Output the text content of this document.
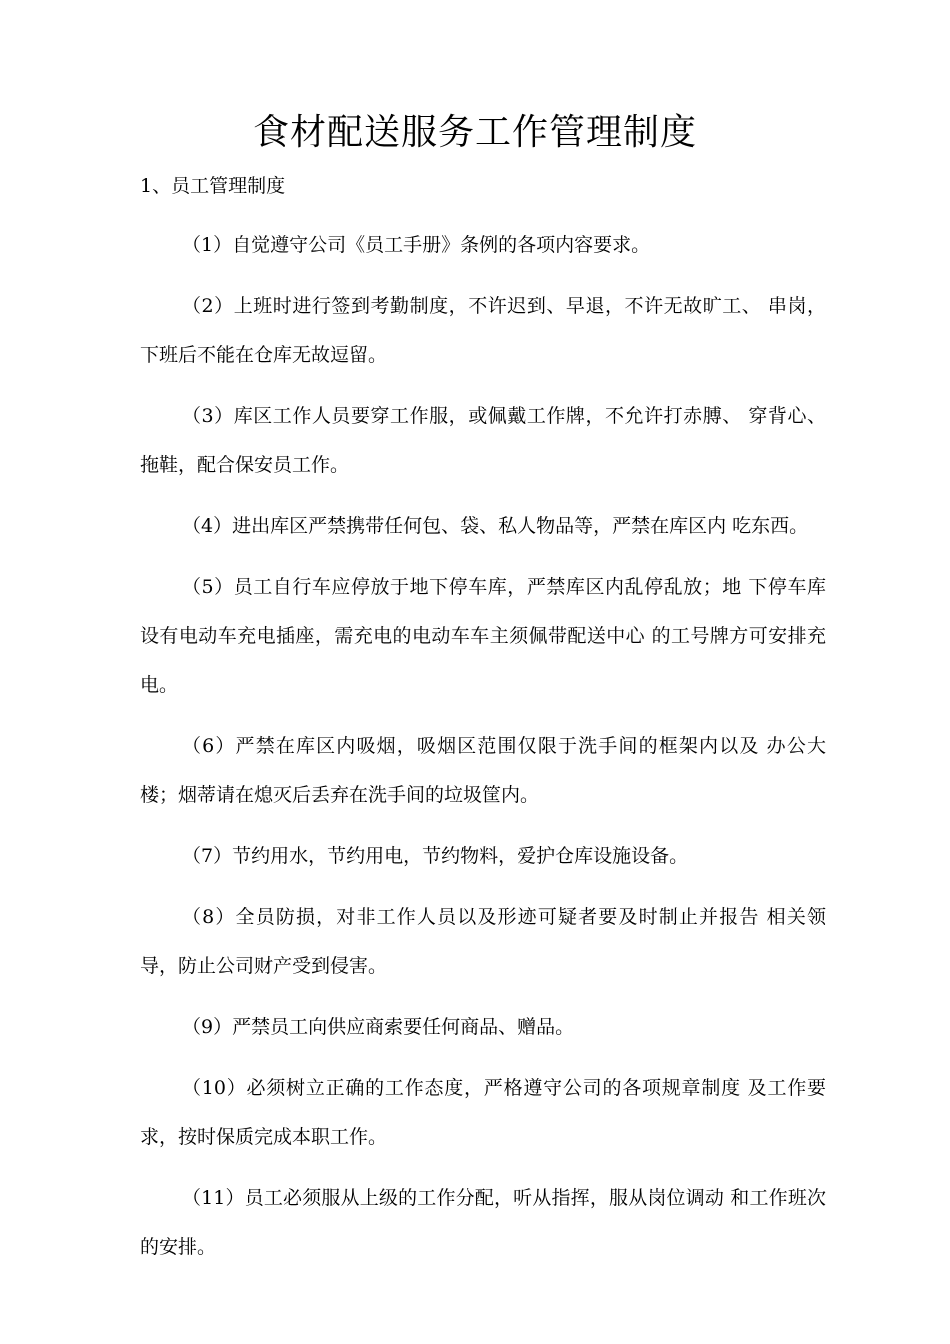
食材配送服务工作管理制度
1、员工管理制度

（1）自觉遵守公司《员工手册》条例的各项内容要求。

（2）上班时进行签到考勤制度，不许迟到、早退，不许无故旷工、 串岗，下班后不能在仓库无故逗留。

（3）库区工作人员要穿工作服，或佩戴工作牌，不允许打赤膊、 穿背心、拖鞋，配合保安员工作。

（4）进出库区严禁携带任何包、袋、私人物品等，严禁在库区内 吃东西。

（5）员工自行车应停放于地下停车库，严禁库区内乱停乱放；地 下停车库设有电动车充电插座，需充电的电动车车主须佩带配送中心 的工号牌方可安排充电。

（6）严禁在库区内吸烟，吸烟区范围仅限于洗手间的框架内以及 办公大楼；烟蒂请在熄灭后丢弃在洗手间的垃圾筐内。

（7）节约用水，节约用电，节约物料，爱护仓库设施设备。

（8）全员防损，对非工作人员以及形迹可疑者要及时制止并报告 相关领导，防止公司财产受到侵害。

（9）严禁员工向供应商索要任何商品、赠品。

（10）必须树立正确的工作态度，严格遵守公司的各项规章制度 及工作要求，按时保质完成本职工作。

（11）员工必须服从上级的工作分配，听从指挥，服从岗位调动 和工作班次的安排。
